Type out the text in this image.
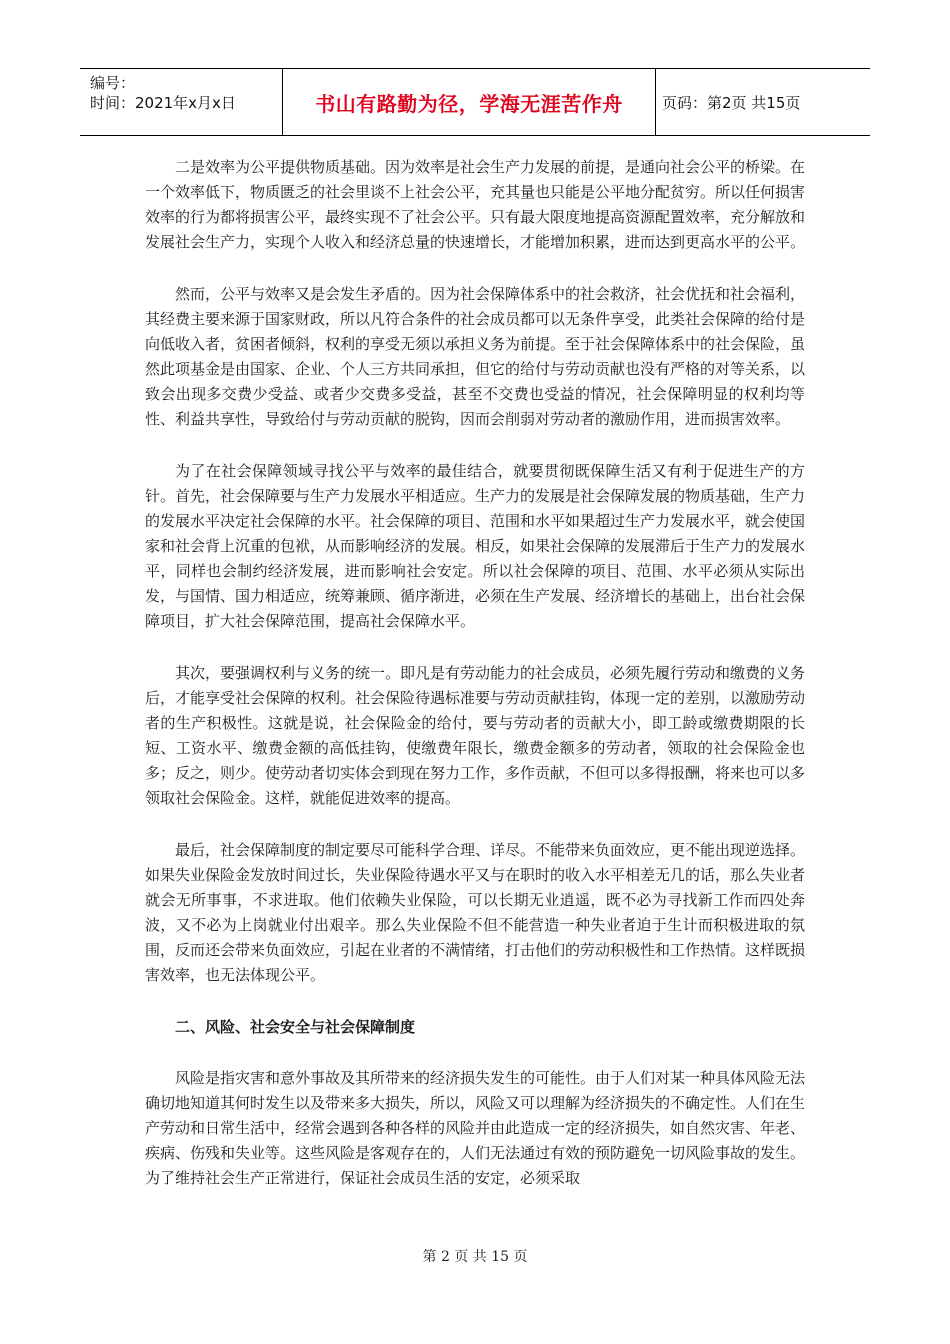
编号：
时间：2021年x月x日	书山有路勤为径，学海无涯苦作舟	页码：第2页 共15页

二是效率为公平提供物质基础。因为效率是社会生产力发展的前提，是通向社会公平的桥梁。在一个效率低下，物质匮乏的社会里谈不上社会公平，充其量也只能是公平地分配贫穷。所以任何损害效率的行为都将损害公平，最终实现不了社会公平。只有最大限度地提高资源配置效率，充分解放和发展社会生产力，实现个人收入和经济总量的快速增长，才能增加积累，进而达到更高水平的公平。

然而，公平与效率又是会发生矛盾的。因为社会保障体系中的社会救济，社会优抚和社会福利，其经费主要来源于国家财政，所以凡符合条件的社会成员都可以无条件享受，此类社会保障的给付是向低收入者，贫困者倾斜，权利的享受无须以承担义务为前提。至于社会保障体系中的社会保险，虽然此项基金是由国家、企业、个人三方共同承担，但它的给付与劳动贡献也没有严格的对等关系，以致会出现多交费少受益、或者少交费多受益，甚至不交费也受益的情况，社会保障明显的权利均等性、利益共享性，导致给付与劳动贡献的脱钩，因而会削弱对劳动者的激励作用，进而损害效率。

为了在社会保障领域寻找公平与效率的最佳结合，就要贯彻既保障生活又有利于促进生产的方针。首先，社会保障要与生产力发展水平相适应。生产力的发展是社会保障发展的物质基础，生产力的发展水平决定社会保障的水平。社会保障的项目、范围和水平如果超过生产力发展水平，就会使国家和社会背上沉重的包袱，从而影响经济的发展。相反，如果社会保障的发展滞后于生产力的发展水平，同样也会制约经济发展，进而影响社会安定。所以社会保障的项目、范围、水平必须从实际出发，与国情、国力相适应，统筹兼顾、循序渐进，必须在生产发展、经济增长的基础上，出台社会保障项目，扩大社会保障范围，提高社会保障水平。

其次，要强调权利与义务的统一。即凡是有劳动能力的社会成员，必须先履行劳动和缴费的义务后，才能享受社会保障的权利。社会保险待遇标准要与劳动贡献挂钩，体现一定的差别，以激励劳动者的生产积极性。这就是说，社会保险金的给付，要与劳动者的贡献大小，即工龄或缴费期限的长短、工资水平、缴费金额的高低挂钩，使缴费年限长，缴费金额多的劳动者，领取的社会保险金也多；反之，则少。使劳动者切实体会到现在努力工作，多作贡献，不但可以多得报酬，将来也可以多领取社会保险金。这样，就能促进效率的提高。

最后，社会保障制度的制定要尽可能科学合理、详尽。不能带来负面效应，更不能出现逆选择。如果失业保险金发放时间过长，失业保险待遇水平又与在职时的收入水平相差无几的话，那么失业者就会无所事事，不求进取。他们依赖失业保险，可以长期无业逍遥，既不必为寻找新工作而四处奔波，又不必为上岗就业付出艰辛。那么失业保险不但不能营造一种失业者迫于生计而积极进取的氛围，反而还会带来负面效应，引起在业者的不满情绪，打击他们的劳动积极性和工作热情。这样既损害效率，也无法体现公平。

二、风险、社会安全与社会保障制度

风险是指灾害和意外事故及其所带来的经济损失发生的可能性。由于人们对某一种具体风险无法确切地知道其何时发生以及带来多大损失，所以，风险又可以理解为经济损失的不确定性。人们在生产劳动和日常生活中，经常会遇到各种各样的风险并由此造成一定的经济损失，如自然灾害、年老、疾病、伤残和失业等。这些风险是客观存在的，人们无法通过有效的预防避免一切风险事故的发生。为了维持社会生产正常进行，保证社会成员生活的安定，必须采取

第 2 页 共 15 页
